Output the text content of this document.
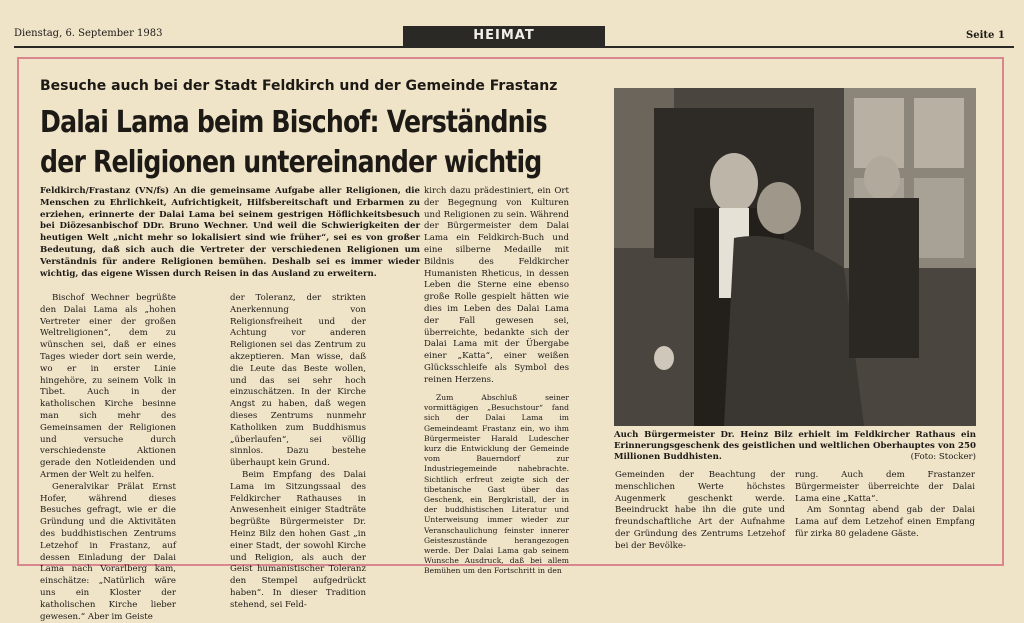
Dienstag, 6. September 1983	HEIMAT	Seite 1
Besuche auch bei der Stadt Feldkirch und der Gemeinde Frastanz
Dalai Lama beim Bischof: Verständnis
der Religionen untereinander wichtig
Feldkirch/Frastanz (VN/fs) An die gemeinsame Aufgabe aller Religionen, die Menschen zu Ehrlichkeit, Aufrichtigkeit, Hilfsbereitschaft und Erbarmen zu erziehen, erinnerte der Dalai Lama bei seinem gestrigen Höflichkeitsbesuch bei Diözesanbischof DDr. Bruno Wechner. Und weil die Schwierigkeiten der heutigen Welt „nicht mehr so lokalisiert sind wie früher“, sei es von großer Bedeutung, daß sich auch die Vertreter der verschiedenen Religionen um Verständnis für andere Religionen bemühen. Deshalb sei es immer wieder wichtig, das eigene Wissen durch Reisen in das Ausland zu erweitern.

kirch dazu prädestiniert, ein Ort der Begegnung von Kulturen und Religionen zu sein. Während der Bürgermeister dem Dalai Lama ein Feldkirch-Buch und eine silberne Medaille mit Bildnis des Feldkircher Humanisten Rheticus, in dessen Leben die Sterne eine ebenso große Rolle gespielt hätten wie dies im Leben des Dalai Lama der Fall gewesen sei, überreichte, bedankte sich der Dalai Lama mit der Übergabe einer „Katta“, einer weißen Glücksschleife als Symbol des reinen Herzens.

Bischof Wechner begrüßte den Dalai Lama als „hohen Vertreter einer der großen Weltreligionen“, dem zu wünschen sei, daß er eines Tages wieder dort sein werde, wo er in erster Linie hingehöre, zu seinem Volk in Tibet. Auch in der katholischen Kirche besinne man sich mehr des Gemeinsamen der Religionen und versuche durch verschiedenste Aktionen gerade den Notleidenden und Armen der Welt zu helfen.

Generalvikar Prälat Ernst Hofer, während dieses Besuches gefragt, wie er die Gründung und die Aktivitäten des buddhistischen Zentrums Letzehof in Frastanz, auf dessen Einladung der Dalai Lama nach Vorarlberg kam, einschätze: „Natürlich wäre uns ein Kloster der katholischen Kirche lieber gewesen.“ Aber im Geiste

der Toleranz, der strikten Anerkennung von Religionsfreiheit und der Achtung vor anderen Religionen sei das Zentrum zu akzeptieren. Man wisse, daß die Leute das Beste wollen, und das sei sehr hoch einzuschätzen. In der Kirche Angst zu haben, daß wegen dieses Zentrums nunmehr Katholiken zum Buddhismus „überlaufen“, sei völlig sinnlos. Dazu bestehe überhaupt kein Grund.

Beim Empfang des Dalai Lama im Sitzungssaal des Feldkircher Rathauses in Anwesenheit einiger Stadträte begrüßte Bürgermeister Dr. Heinz Bilz den hohen Gast „in einer Stadt, der sowohl Kirche und Religion, als auch der Geist humanistischer Toleranz den Stempel aufgedrückt haben“. In dieser Tradition stehend, sei Feld-

Zum Abschluß seiner vormittägigen „Besuchstour“ fand sich der Dalai Lama im Gemeindeamt Frastanz ein, wo ihm Bürgermeister Harald Ludescher kurz die Entwicklung der Gemeinde vom Bauerndorf zur Industriegemeinde nahebrachte. Sichtlich erfreut zeigte sich der tibetanische Gast über das Geschenk, ein Bergkristall, der in der buddhistischen Literatur und Unterweisung immer wieder zur Veranschaulichung feinster innerer Geisteszustände herangezogen werde. Der Dalai Lama gab seinem Wunsche Ausdruck, daß bei allem Bemühen um den Fortschritt in den

Auch Bürgermeister Dr. Heinz Bilz erhielt im Feldkircher Rathaus ein Erinnerungsgeschenk des geistlichen und weltlichen Oberhauptes von 250 Millionen Buddhisten.	(Foto: Stocker)

Gemeinden der Beachtung der menschlichen Werte höchstes Augenmerk geschenkt werde. Beeindruckt habe ihn die gute und freundschaftliche Art der Aufnahme der Gründung des Zentrums Letzehof bei der Bevölke-

rung. Auch dem Frastanzer Bürgermeister überreichte der Dalai Lama eine „Katta“.

Am Sonntag abend gab der Dalai Lama auf dem Letzehof einen Empfang für zirka 80 geladene Gäste.
